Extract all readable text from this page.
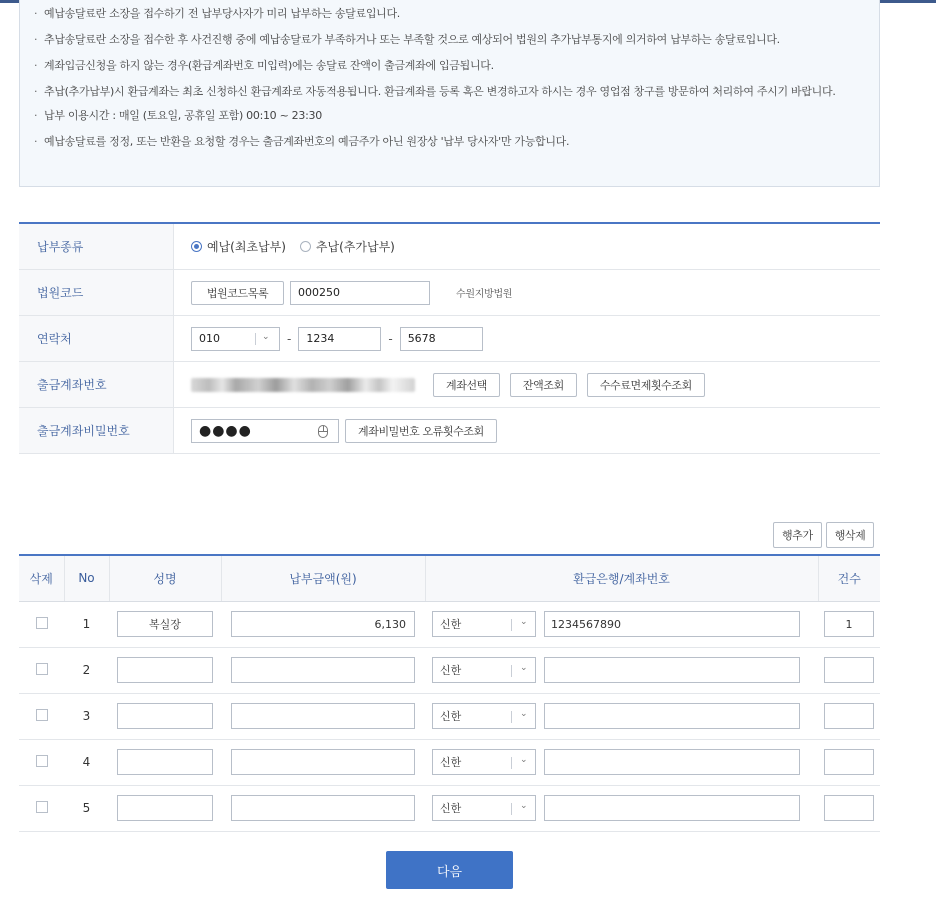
· 예납송달료란 소장을 접수하기 전 납부당사자가 미리 납부하는 송달료입니다.
· 추납송달료란 소장을 접수한 후 사건진행 중에 예납송달료가 부족하거나 또는 부족할 것으로 예상되어 법원의 추가납부통지에 의거하여 납부하는 송달료입니다.
· 계좌입금신청을 하지 않는 경우(환급계좌번호 미입력)에는 송달료 잔액이 출금계좌에 입금됩니다.
· 추납(추가납부)시 환급계좌는 최초 신청하신 환급계좌로 자동적용됩니다. 환급계좌를 등록 혹은 변경하고자 하시는 경우 영업점 창구를 방문하여 처리하여 주시기 바랍니다.
· 납부 이용시간 : 매일 (토요일, 공휴일 포함) 00:10 ~ 23:30
· 예납송달료를 정정, 또는 반환을 요청할 경우는 출금계좌번호의 예금주가 아닌 원장상 '납부 당사자'만 가능합니다.
납부종류	예납(최초납부)	추납(추가납부)
법원코드	법원코드목록	000250	수원지방법원
연락처	010	⌄ -	1234	-	5678
출금계좌번호	계좌선택	잔액조회	수수료면제횟수조회
출금계좌비밀번호	●●●●	계좌비밀번호 오류횟수조회
행추가	행삭제
삭제	No	성명	납부금액(원)	환급은행/계좌번호	건수
	1	복실장	6,130	신한 ⌄ 1234567890	1

	2			신한 ⌄	

	3			신한 ⌄	

	4			신한 ⌄	

	5			신한 ⌄	

다음
